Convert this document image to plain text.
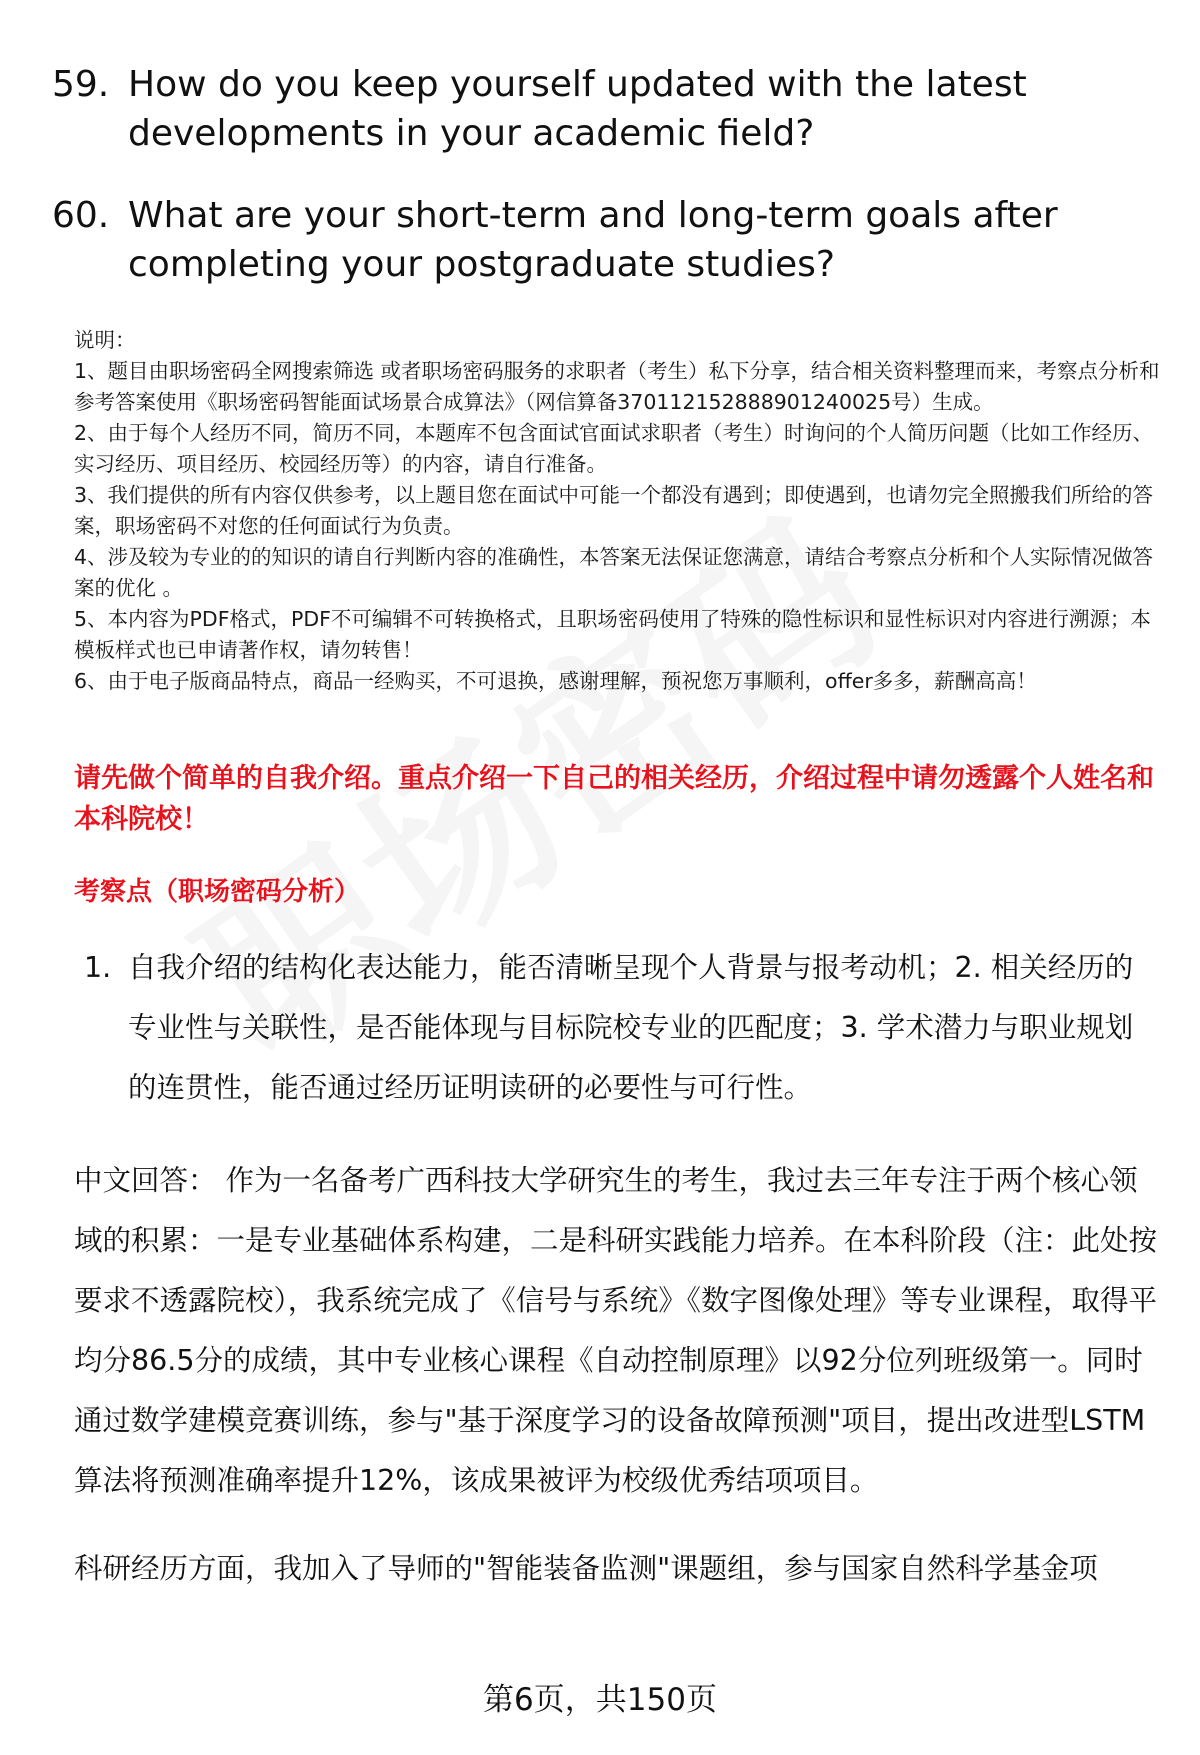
59. How do you keep yourself updated with the latest developments in your academic field?
60. What are your short-term and long-term goals after completing your postgraduate studies?

说明：

1、题目由职场密码全网搜索筛选 或者职场密码服务的求职者（考生）私下分享，结合相关资料整理而来，考察点分析和参考答案使用《职场密码智能面试场景合成算法》（网信算备370112152888901240025号）生成。

2、由于每个人经历不同，简历不同，本题库不包含面试官面试求职者（考生）时询问的个人简历问题（比如工作经历、实习经历、项目经历、校园经历等）的内容，请自行准备。

3、我们提供的所有内容仅供参考，以上题目您在面试中可能一个都没有遇到；即使遇到，也请勿完全照搬我们所给的答案，职场密码不对您的任何面试行为负责。

4、涉及较为专业的的知识的请自行判断内容的准确性，本答案无法保证您满意，请结合考察点分析和个人实际情况做答案的优化 。

5、本内容为PDF格式，PDF不可编辑不可转换格式，且职场密码使用了特殊的隐性标识和显性标识对内容进行溯源；本模板样式也已申请著作权，请勿转售！

6、由于电子版商品特点，商品一经购买，不可退换，感谢理解，预祝您万事顺利，offer多多，薪酬高高！

请先做个简单的自我介绍。重点介绍一下自己的相关经历，介绍过程中请勿透露个人姓名和本科院校！
考察点（职场密码分析）
1. 自我介绍的结构化表达能力，能否清晰呈现个人背景与报考动机；2. 相关经历的专业性与关联性，是否能体现与目标院校专业的匹配度；3. 学术潜力与职业规划的连贯性，能否通过经历证明读研的必要性与可行性。

中文回答： 作为一名备考广西科技大学研究生的考生，我过去三年专注于两个核心领域的积累：一是专业基础体系构建，二是科研实践能力培养。在本科阶段（注：此处按要求不透露院校），我系统完成了《信号与系统》《数字图像处理》等专业课程，取得平均分86.5分的成绩，其中专业核心课程《自动控制原理》以92分位列班级第一。同时通过数学建模竞赛训练，参与"基于深度学习的设备故障预测"项目，提出改进型LSTM算法将预测准确率提升12%，该成果被评为校级优秀结项项目。

科研经历方面，我加入了导师的"智能装备监测"课题组，参与国家自然科学基金项

第6页，共150页
